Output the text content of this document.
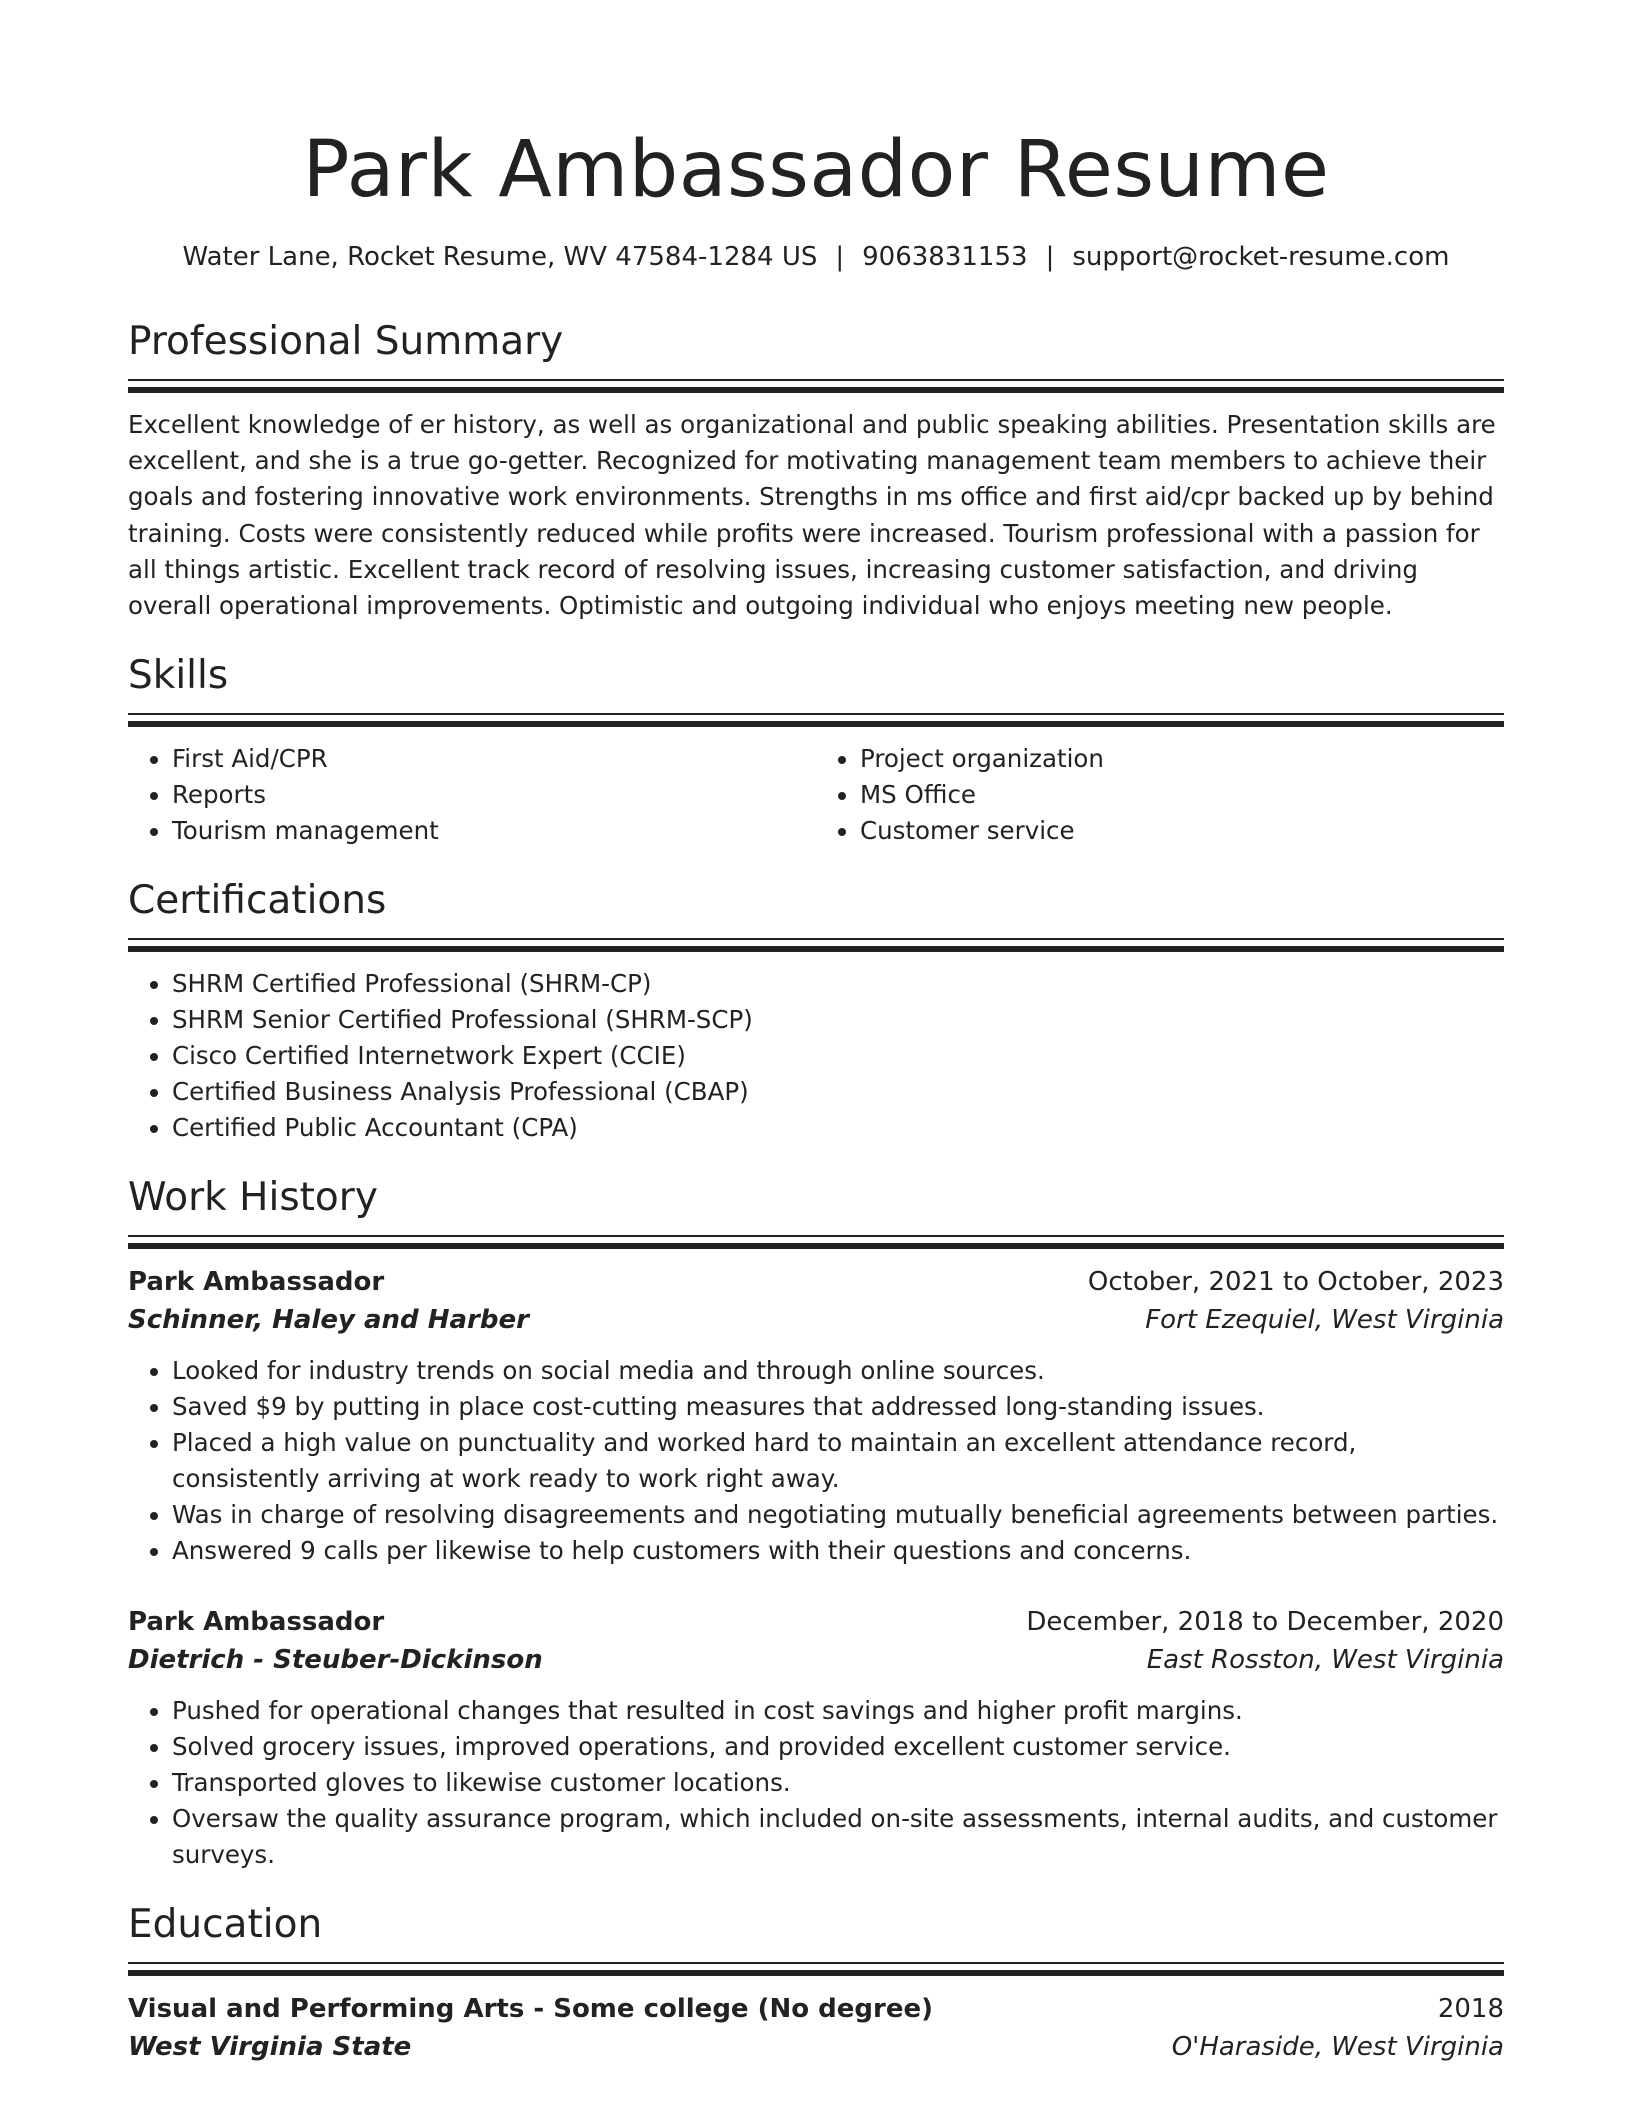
Park Ambassador Resume
Water Lane, Rocket Resume, WV 47584-1284 US | 9063831153 | support@rocket-resume.com
Professional Summary

Excellent knowledge of er history, as well as organizational and public speaking abilities. Presentation skills are excellent, and she is a true go-getter. Recognized for motivating management team members to achieve their goals and fostering innovative work environments. Strengths in ms office and first aid/cpr backed up by behind training. Costs were consistently reduced while profits were increased. Tourism professional with a passion for all things artistic. Excellent track record of resolving issues, increasing customer satisfaction, and driving overall operational improvements. Optimistic and outgoing individual who enjoys meeting new people.

Skills
• First Aid/CPR
• Reports
• Tourism management
• Project organization
• MS Office
• Customer service
Certifications
• SHRM Certified Professional (SHRM-CP)
• SHRM Senior Certified Professional (SHRM-SCP)
• Cisco Certified Internetwork Expert (CCIE)
• Certified Business Analysis Professional (CBAP)
• Certified Public Accountant (CPA)
Work History
Park Ambassador	October, 2021 to October, 2023
Schinner, Haley and Harber	Fort Ezequiel, West Virginia
• Looked for industry trends on social media and through online sources.
• Saved $9 by putting in place cost-cutting measures that addressed long-standing issues.
• Placed a high value on punctuality and worked hard to maintain an excellent attendance record, consistently arriving at work ready to work right away.
• Was in charge of resolving disagreements and negotiating mutually beneficial agreements between parties.
• Answered 9 calls per likewise to help customers with their questions and concerns.
Park Ambassador	December, 2018 to December, 2020
Dietrich - Steuber-Dickinson	East Rosston, West Virginia
• Pushed for operational changes that resulted in cost savings and higher profit margins.
• Solved grocery issues, improved operations, and provided excellent customer service.
• Transported gloves to likewise customer locations.
• Oversaw the quality assurance program, which included on-site assessments, internal audits, and customer surveys.
Education
Visual and Performing Arts - Some college (No degree)	2018
West Virginia State	O'Haraside, West Virginia
